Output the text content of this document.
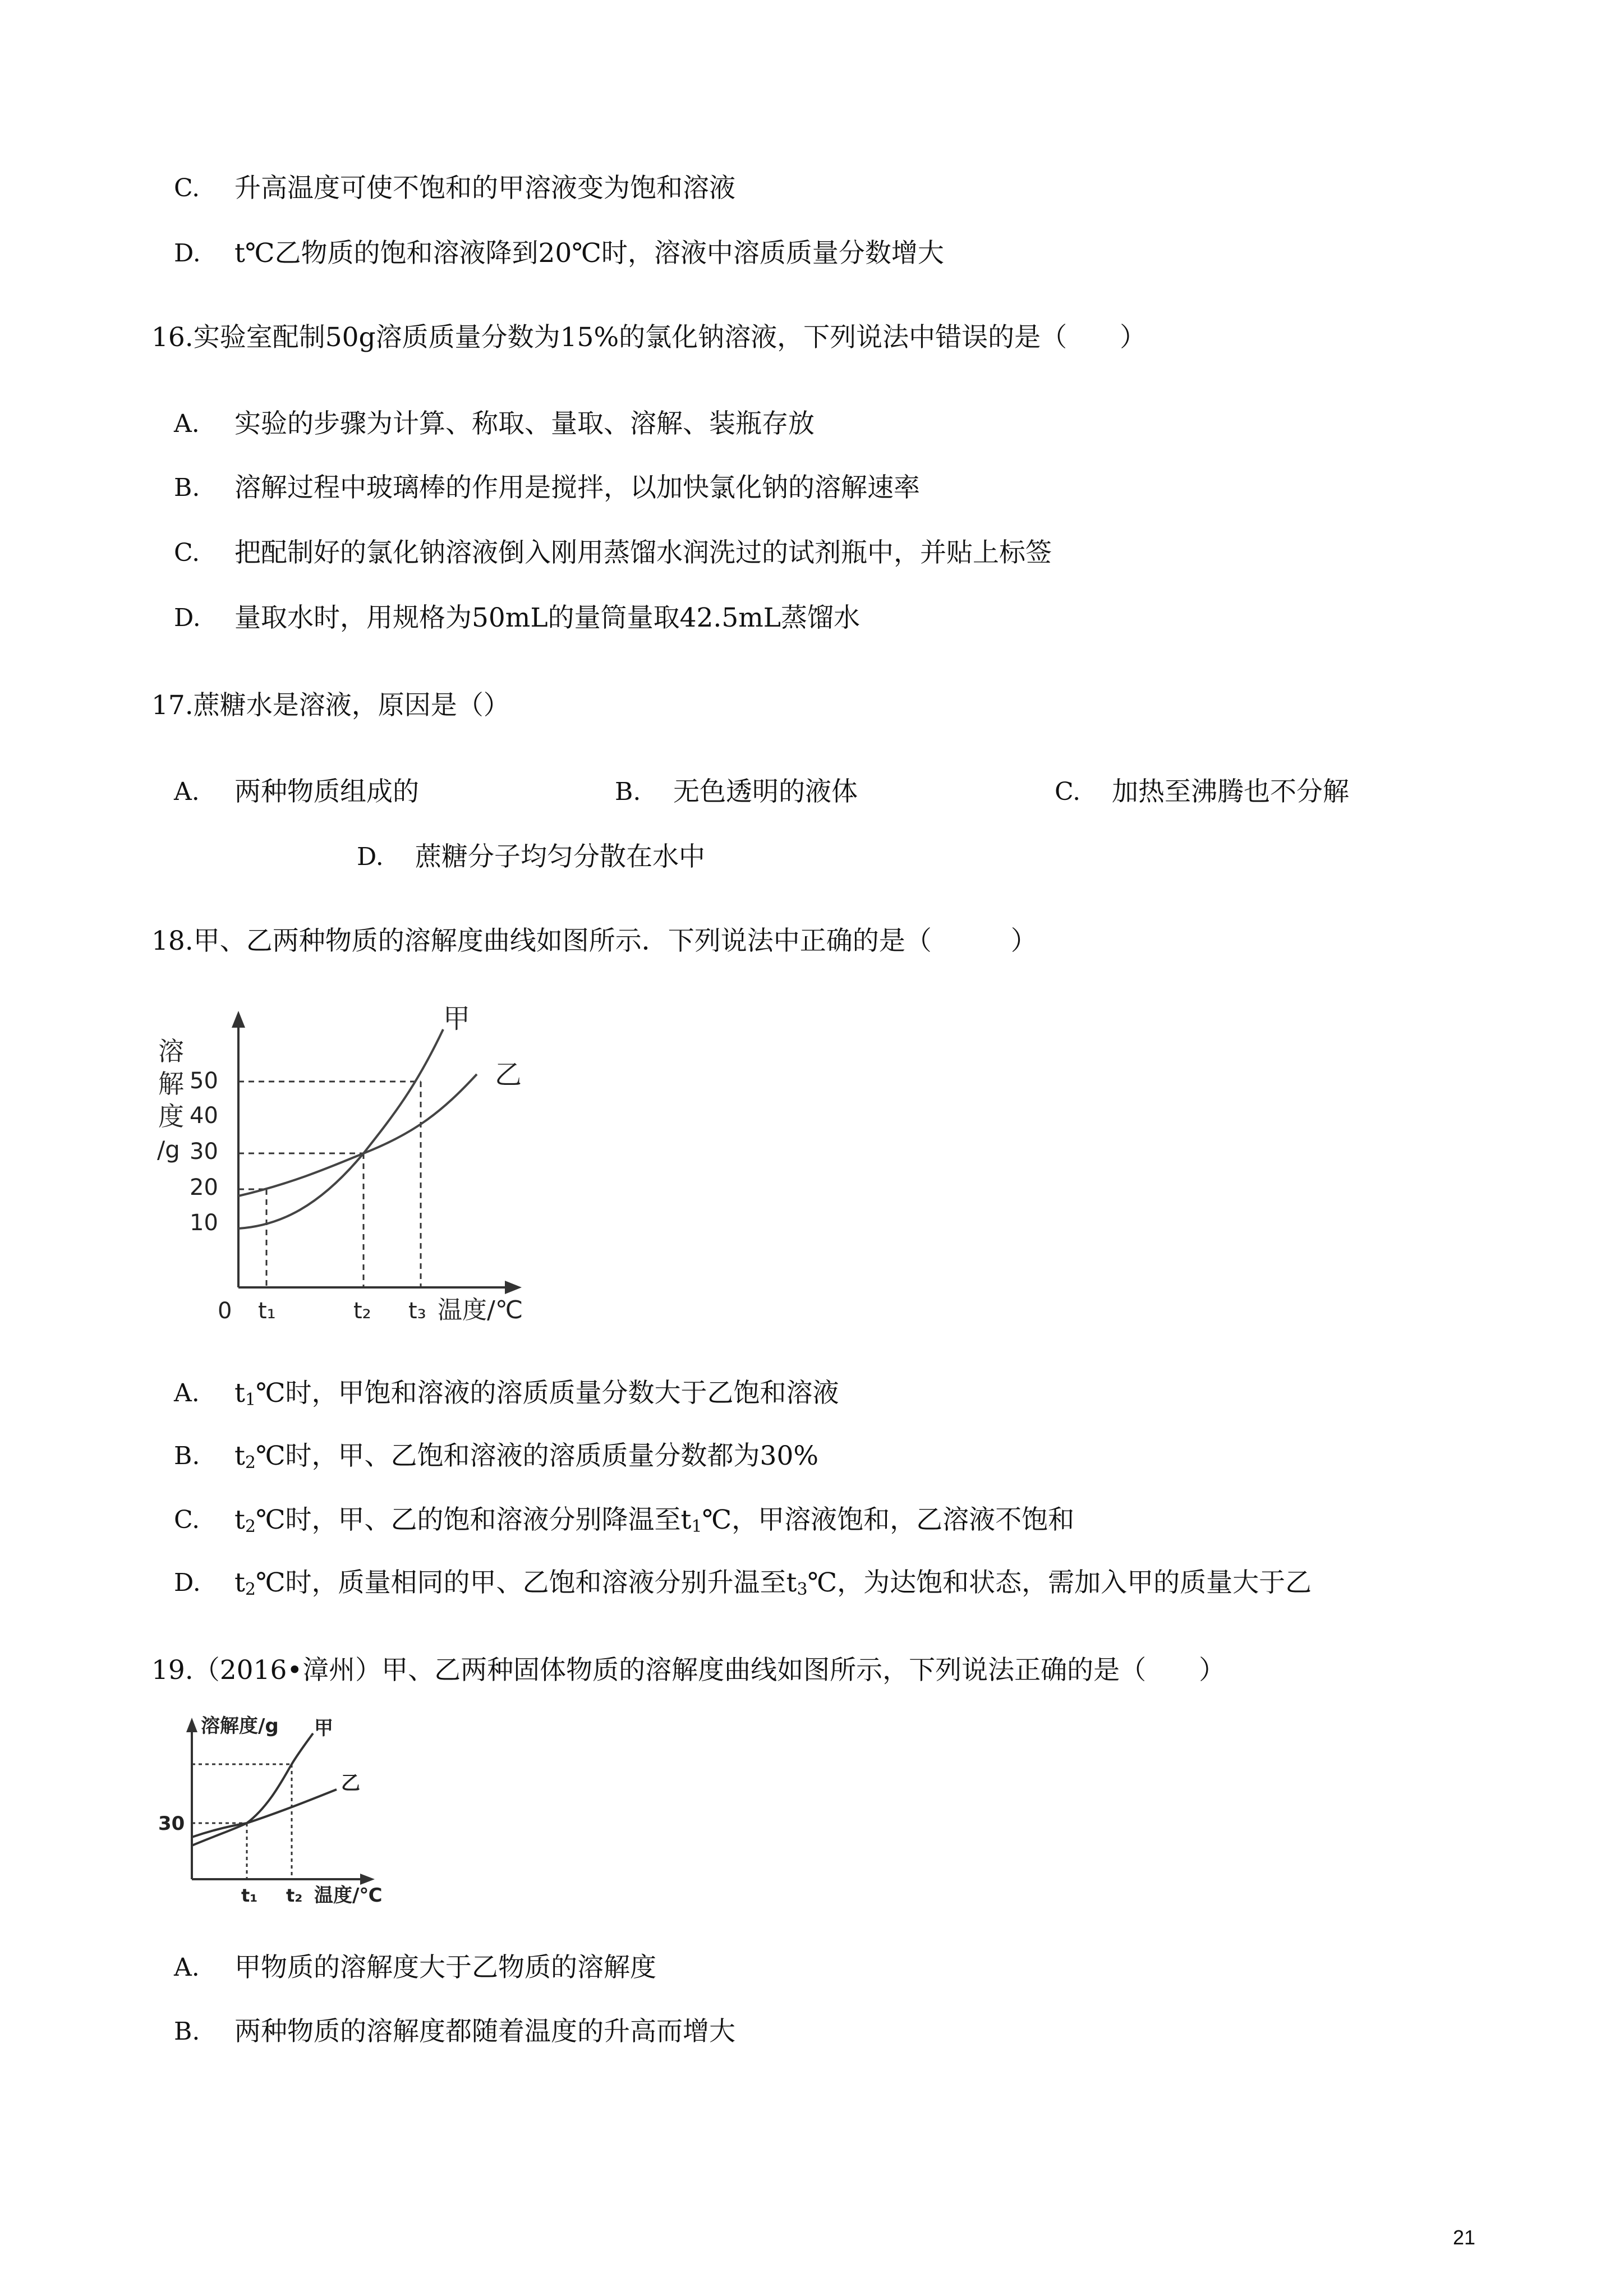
C. 升高温度可使不饱和的甲溶液变为饱和溶液
D. t℃乙物质的饱和溶液降到20℃时，溶液中溶质质量分数增大
16.实验室配制50g溶质质量分数为15%的氯化钠溶液，下列说法中错误的是（　　）
A. 实验的步骤为计算、称取、量取、溶解、装瓶存放
B. 溶解过程中玻璃棒的作用是搅拌，以加快氯化钠的溶解速率
C. 把配制好的氯化钠溶液倒入刚用蒸馏水润洗过的试剂瓶中，并贴上标签
D. 量取水时，用规格为50mL的量筒量取42.5mL蒸馏水
17.蔗糖水是溶液，原因是（）
A. 两种物质组成的	B. 无色透明的液体	C. 加热至沸腾也不分解
D. 蔗糖分子均匀分散在水中
18.甲、乙两种物质的溶解度曲线如图所示．下列说法中正确的是（　　　）
溶
解
度
/g
50
40
30
20
10
0 t₁	t₂ t₃ 温度/℃
甲
乙
A. $t_1℃$时，甲饱和溶液的溶质质量分数大于乙饱和溶液
B. $t_2℃$时，甲、乙饱和溶液的溶质质量分数都为30%
C. $t_2℃$时，甲、乙的饱和溶液分别降温至$t_1℃$，甲溶液饱和，乙溶液不饱和
D. $t_2℃$时，质量相同的甲、乙饱和溶液分别升温至$t_3℃$，为达饱和状态，需加入甲的质量大于乙
19.（2016•漳州）甲、乙两种固体物质的溶解度曲线如图所示，下列说法正确的是（　　）
溶解度/g
30
t₁ t₂ 温度/℃
甲
乙
A. 甲物质的溶解度大于乙物质的溶解度
B. 两种物质的溶解度都随着温度的升高而增大
21
